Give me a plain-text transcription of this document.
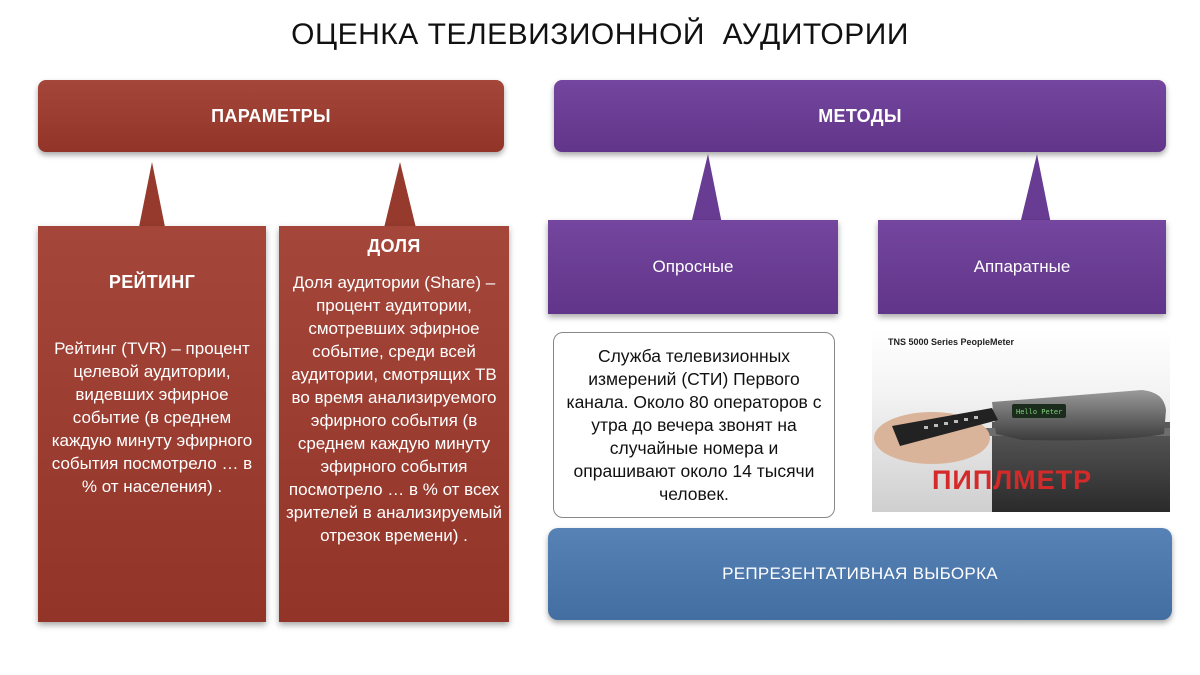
ОЦЕНКА ТЕЛЕВИЗИОННОЙ  АУДИТОРИИ
ПАРАМЕТРЫ	МЕТОДЫ
РЕЙТИНГ
Рейтинг (TVR) – процент целевой аудитории, видевших эфирное событие (в среднем каждую минуту эфирного события посмотрело … в % от населения) .
ДОЛЯ
Доля аудитории (Share) – процент аудитории, смотревших эфирное событие, среди всей аудитории, смотрящих ТВ во время анализируемого эфирного события (в среднем каждую минуту эфирного события посмотрело … в % от всех зрителей в анализируемый отрезок времени) .
Опросные	Аппаратные
Служба телевизионных измерений (СТИ) Первого канала. Около 80 операторов с утра до вечера звонят на случайные номера и опрашивают около 14 тысячи человек.
Hello Peter
TNS 5000 Series PeopleMeter
ПИПЛМЕТР
РЕПРЕЗЕНТАТИВНАЯ ВЫБОРКА
